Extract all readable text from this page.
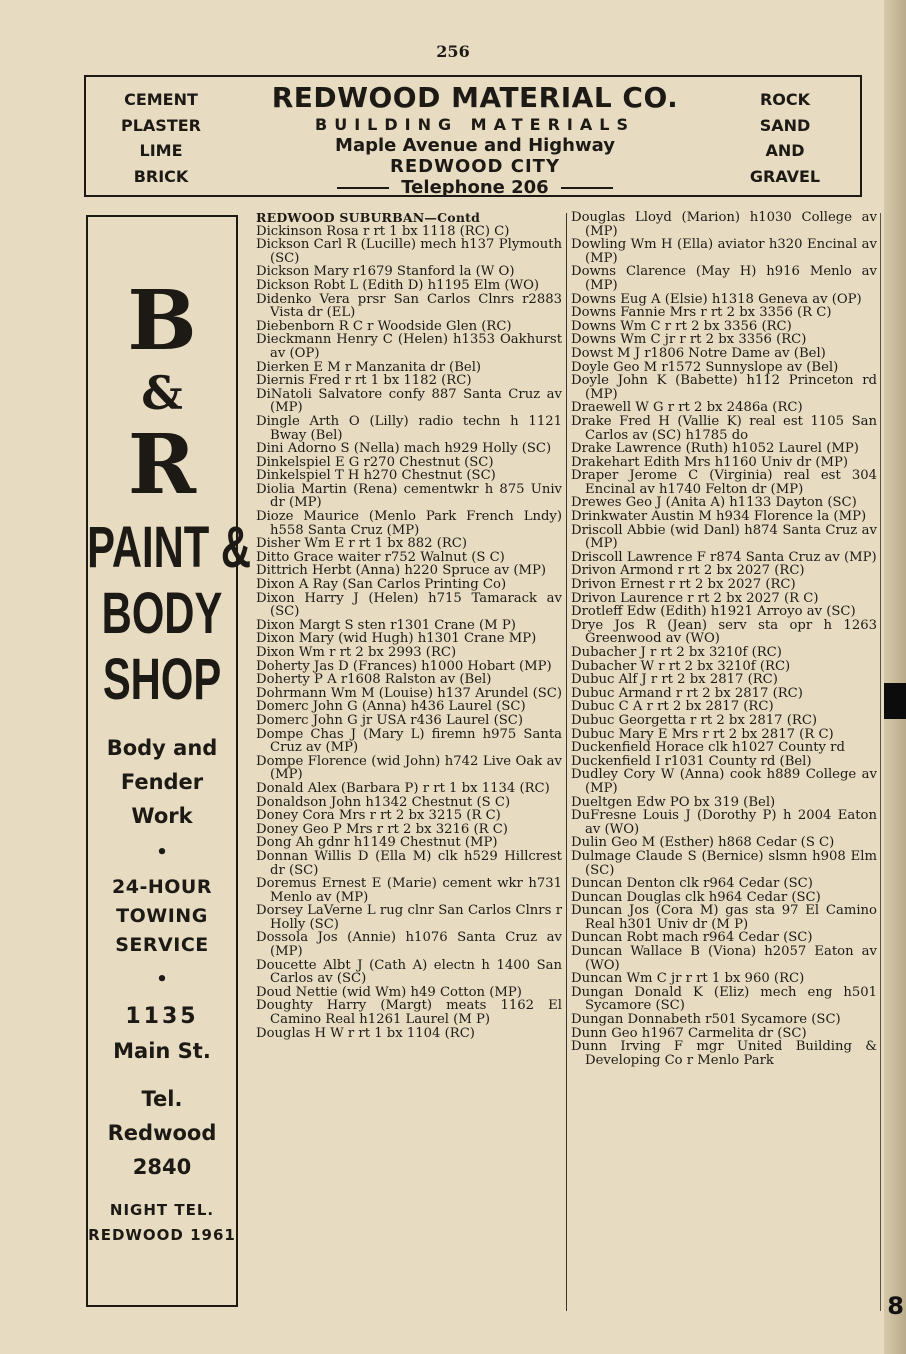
8
256
CEMENT
PLASTER
LIME
BRICK
REDWOOD MATERIAL CO.
BUILDING MATERIALS
Maple Avenue and Highway
REDWOOD CITY
Telephone 206
ROCK
SAND
AND
GRAVEL
B
&
R
PAINT &
BODY
SHOP
Body and
Fender
Work
•
24-HOUR
TOWING
SERVICE
•
1135
Main St.
Tel. Redwood
2840
NIGHT TEL.
REDWOOD 1961
REDWOOD SUBURBAN—Contd
Dickinson Rosa r rt 1 bx 1118 (RC) C)
Dickson Carl R (Lucille) mech h137 Plymouth (SC)
Dickson Mary r1679 Stanford la (W O)
Dickson Robt L (Edith D) h1195 Elm (WO)
Didenko Vera prsr San Carlos Clnrs r2883 Vista dr (EL)
Diebenborn R C r Woodside Glen (RC)
Dieckmann Henry C (Helen) h1353 Oakhurst av (OP)
Dierken E M r Manzanita dr (Bel)
Diernis Fred r rt 1 bx 1182 (RC)
DiNatoli Salvatore confy 887 Santa Cruz av (MP)
Dingle Arth O (Lilly) radio techn h 1121 Bway (Bel)
Dini Adorno S (Nella) mach h929 Holly (SC)
Dinkelspiel E G r270 Chestnut (SC)
Dinkelspiel T H h270 Chestnut (SC)
Diolia Martin (Rena) cementwkr h 875 Univ dr (MP)
Dioze Maurice (Menlo Park French Lndy) h558 Santa Cruz (MP)
Disher Wm E r rt 1 bx 882 (RC)
Ditto Grace waiter r752 Walnut (S C)
Dittrich Herbt (Anna) h220 Spruce av (MP)
Dixon A Ray (San Carlos Printing Co)
Dixon Harry J (Helen) h715 Tamarack av (SC)
Dixon Margt S sten r1301 Crane (M P)
Dixon Mary (wid Hugh) h1301 Crane MP)
Dixon Wm r rt 2 bx 2993 (RC)
Doherty Jas D (Frances) h1000 Hobart (MP)
Doherty P A r1608 Ralston av (Bel)
Dohrmann Wm M (Louise) h137 Arundel (SC)
Domerc John G (Anna) h436 Laurel (SC)
Domerc John G jr USA r436 Laurel (SC)
Dompe Chas J (Mary L) firemn h975 Santa Cruz av (MP)
Dompe Florence (wid John) h742 Live Oak av (MP)
Donald Alex (Barbara P) r rt 1 bx 1134 (RC)
Donaldson John h1342 Chestnut (S C)
Doney Cora Mrs r rt 2 bx 3215 (R C)
Doney Geo P Mrs r rt 2 bx 3216 (R C)
Dong Ah gdnr h1149 Chestnut (MP)
Donnan Willis D (Ella M) clk h529 Hillcrest dr (SC)
Doremus Ernest E (Marie) cement wkr h731 Menlo av (MP)
Dorsey LaVerne L rug clnr San Carlos Clnrs r Holly (SC)
Dossola Jos (Annie) h1076 Santa Cruz av (MP)
Doucette Albt J (Cath A) electn h 1400 San Carlos av (SC)
Doud Nettie (wid Wm) h49 Cotton (MP)
Doughty Harry (Margt) meats 1162 El Camino Real h1261 Laurel (M P)
Douglas H W r rt 1 bx 1104 (RC)
Douglas Lloyd (Marion) h1030 College av (MP)
Dowling Wm H (Ella) aviator h320 Encinal av (MP)
Downs Clarence (May H) h916 Menlo av (MP)
Downs Eug A (Elsie) h1318 Geneva av (OP)
Downs Fannie Mrs r rt 2 bx 3356 (R C)
Downs Wm C r rt 2 bx 3356 (RC)
Downs Wm C jr r rt 2 bx 3356 (RC)
Dowst M J r1806 Notre Dame av (Bel)
Doyle Geo M r1572 Sunnyslope av (Bel)
Doyle John K (Babette) h112 Princeton rd (MP)
Draewell W G r rt 2 bx 2486a (RC)
Drake Fred H (Vallie K) real est 1105 San Carlos av (SC) h1785 do
Drake Lawrence (Ruth) h1052 Laurel (MP)
Drakehart Edith Mrs h1160 Univ dr (MP)
Draper Jerome C (Virginia) real est 304 Encinal av h1740 Felton dr (MP)
Drewes Geo J (Anita A) h1133 Dayton (SC)
Drinkwater Austin M h934 Florence la (MP)
Driscoll Abbie (wid Danl) h874 Santa Cruz av (MP)
Driscoll Lawrence F r874 Santa Cruz av (MP)
Drivon Armond r rt 2 bx 2027 (RC)
Drivon Ernest r rt 2 bx 2027 (RC)
Drivon Laurence r rt 2 bx 2027 (R C)
Drotleff Edw (Edith) h1921 Arroyo av (SC)
Drye Jos R (Jean) serv sta opr h 1263 Greenwood av (WO)
Dubacher J r rt 2 bx 3210f (RC)
Dubacher W r rt 2 bx 3210f (RC)
Dubuc Alf J r rt 2 bx 2817 (RC)
Dubuc Armand r rt 2 bx 2817 (RC)
Dubuc C A r rt 2 bx 2817 (RC)
Dubuc Georgetta r rt 2 bx 2817 (RC)
Dubuc Mary E Mrs r rt 2 bx 2817 (R C)
Duckenfield Horace clk h1027 County rd
Duckenfield I r1031 County rd (Bel)
Dudley Cory W (Anna) cook h889 College av (MP)
Dueltgen Edw PO bx 319 (Bel)
DuFresne Louis J (Dorothy P) h 2004 Eaton av (WO)
Dulin Geo M (Esther) h868 Cedar (S C)
Dulmage Claude S (Bernice) slsmn h908 Elm (SC)
Duncan Denton clk r964 Cedar (SC)
Duncan Douglas clk h964 Cedar (SC)
Duncan Jos (Cora M) gas sta 97 El Camino Real h301 Univ dr (M P)
Duncan Robt mach r964 Cedar (SC)
Duncan Wallace B (Viona) h2057 Eaton av (WO)
Duncan Wm C jr r rt 1 bx 960 (RC)
Dungan Donald K (Eliz) mech eng h501 Sycamore (SC)
Dungan Donnabeth r501 Sycamore (SC)
Dunn Geo h1967 Carmelita dr (SC)
Dunn Irving F mgr United Building & Developing Co r Menlo Park
